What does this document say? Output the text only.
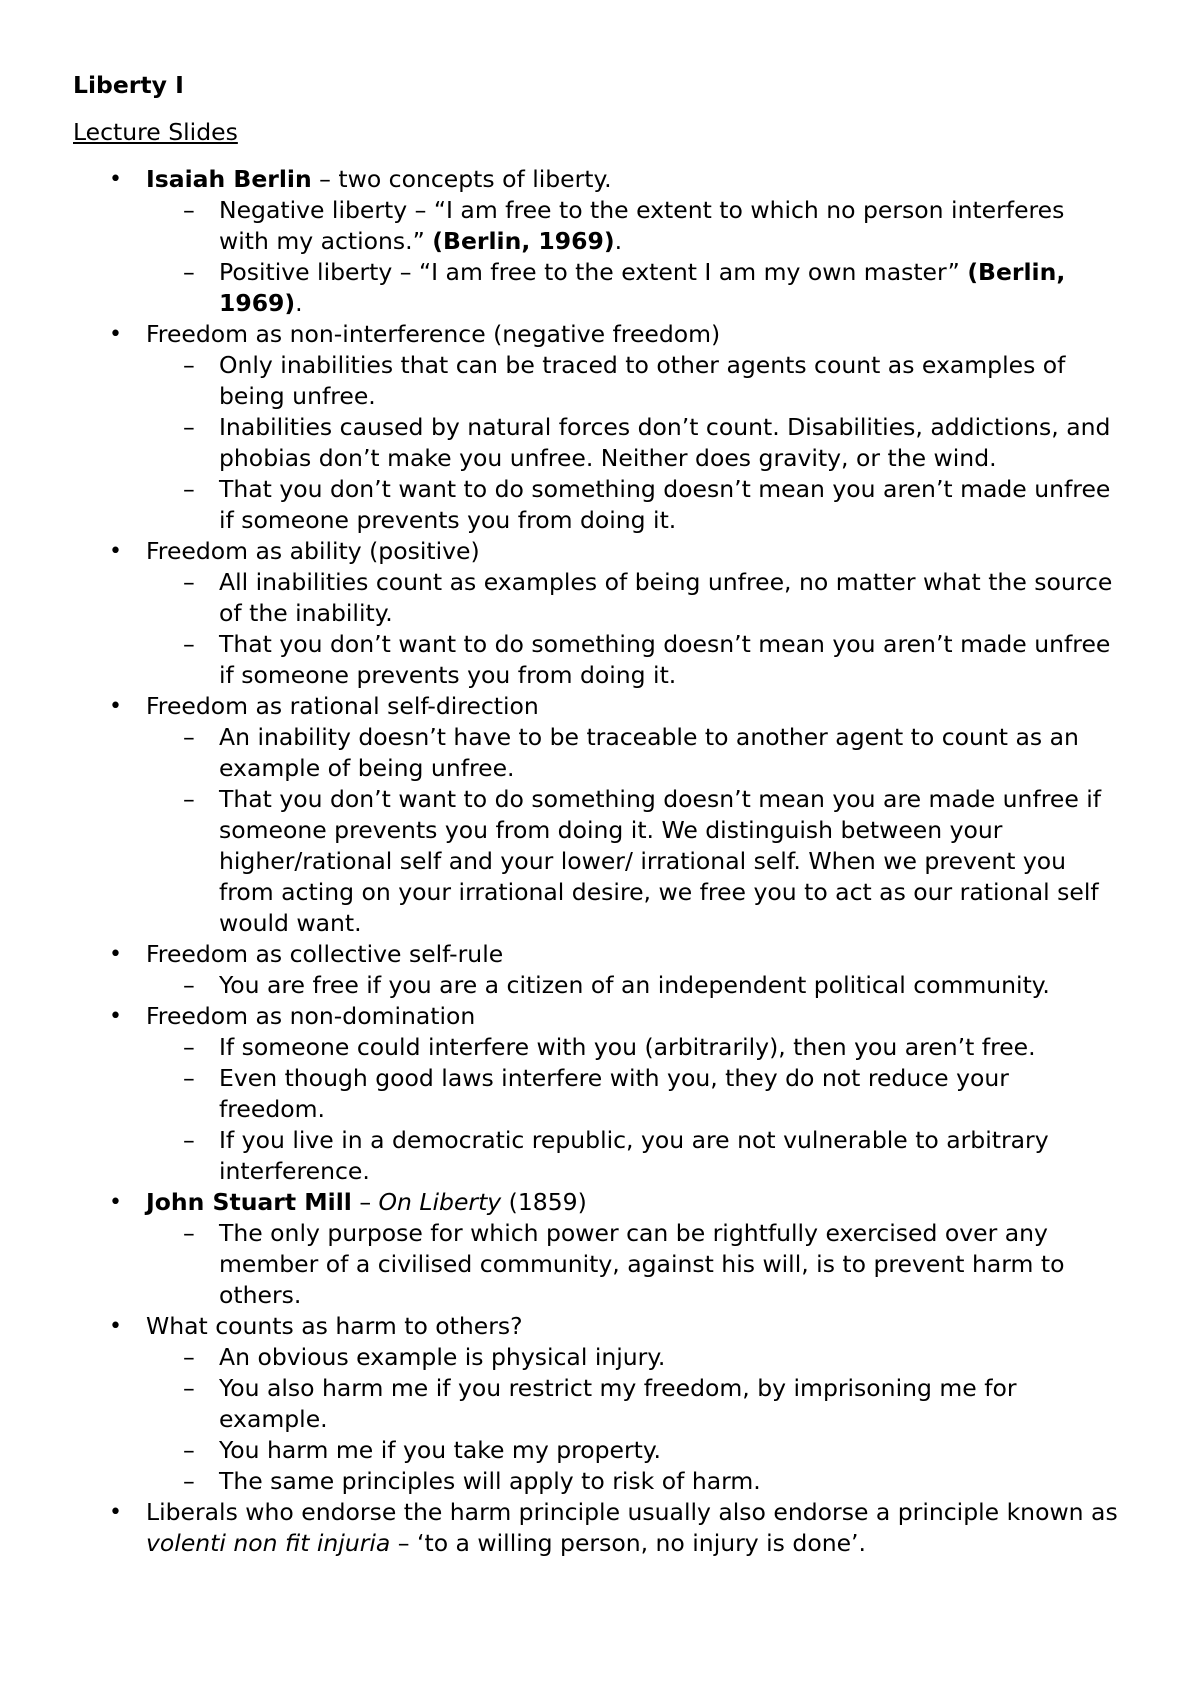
Liberty I

Lecture Slides

• Isaiah Berlin – two concepts of liberty.
– Negative liberty – “I am free to the extent to which no person interferes with my actions.” (Berlin, 1969).
– Positive liberty – “I am free to the extent I am my own master” (Berlin, 1969).
• Freedom as non-interference (negative freedom)
– Only inabilities that can be traced to other agents count as examples of being unfree.
– Inabilities caused by natural forces don’t count. Disabilities, addictions, and phobias don’t make you unfree. Neither does gravity, or the wind.
– That you don’t want to do something doesn’t mean you aren’t made unfree if someone prevents you from doing it.
• Freedom as ability (positive)
– All inabilities count as examples of being unfree, no matter what the source of the inability.
– That you don’t want to do something doesn’t mean you aren’t made unfree if someone prevents you from doing it.
• Freedom as rational self-direction
– An inability doesn’t have to be traceable to another agent to count as an example of being unfree.
– That you don’t want to do something doesn’t mean you are made unfree if someone prevents you from doing it. We distinguish between your higher/rational self and your lower/ irrational self. When we prevent you from acting on your irrational desire, we free you to act as our rational self would want.
• Freedom as collective self-rule
– You are free if you are a citizen of an independent political community.
• Freedom as non-domination
– If someone could interfere with you (arbitrarily), then you aren’t free.
– Even though good laws interfere with you, they do not reduce your freedom.
– If you live in a democratic republic, you are not vulnerable to arbitrary interference.
• John Stuart Mill – On Liberty (1859)
– The only purpose for which power can be rightfully exercised over any member of a civilised community, against his will, is to prevent harm to others.
• What counts as harm to others?
– An obvious example is physical injury.
– You also harm me if you restrict my freedom, by imprisoning me for example.
– You harm me if you take my property.
– The same principles will apply to risk of harm.
• Liberals who endorse the harm principle usually also endorse a principle known as volenti non fit injuria – ‘to a willing person, no injury is done’.
